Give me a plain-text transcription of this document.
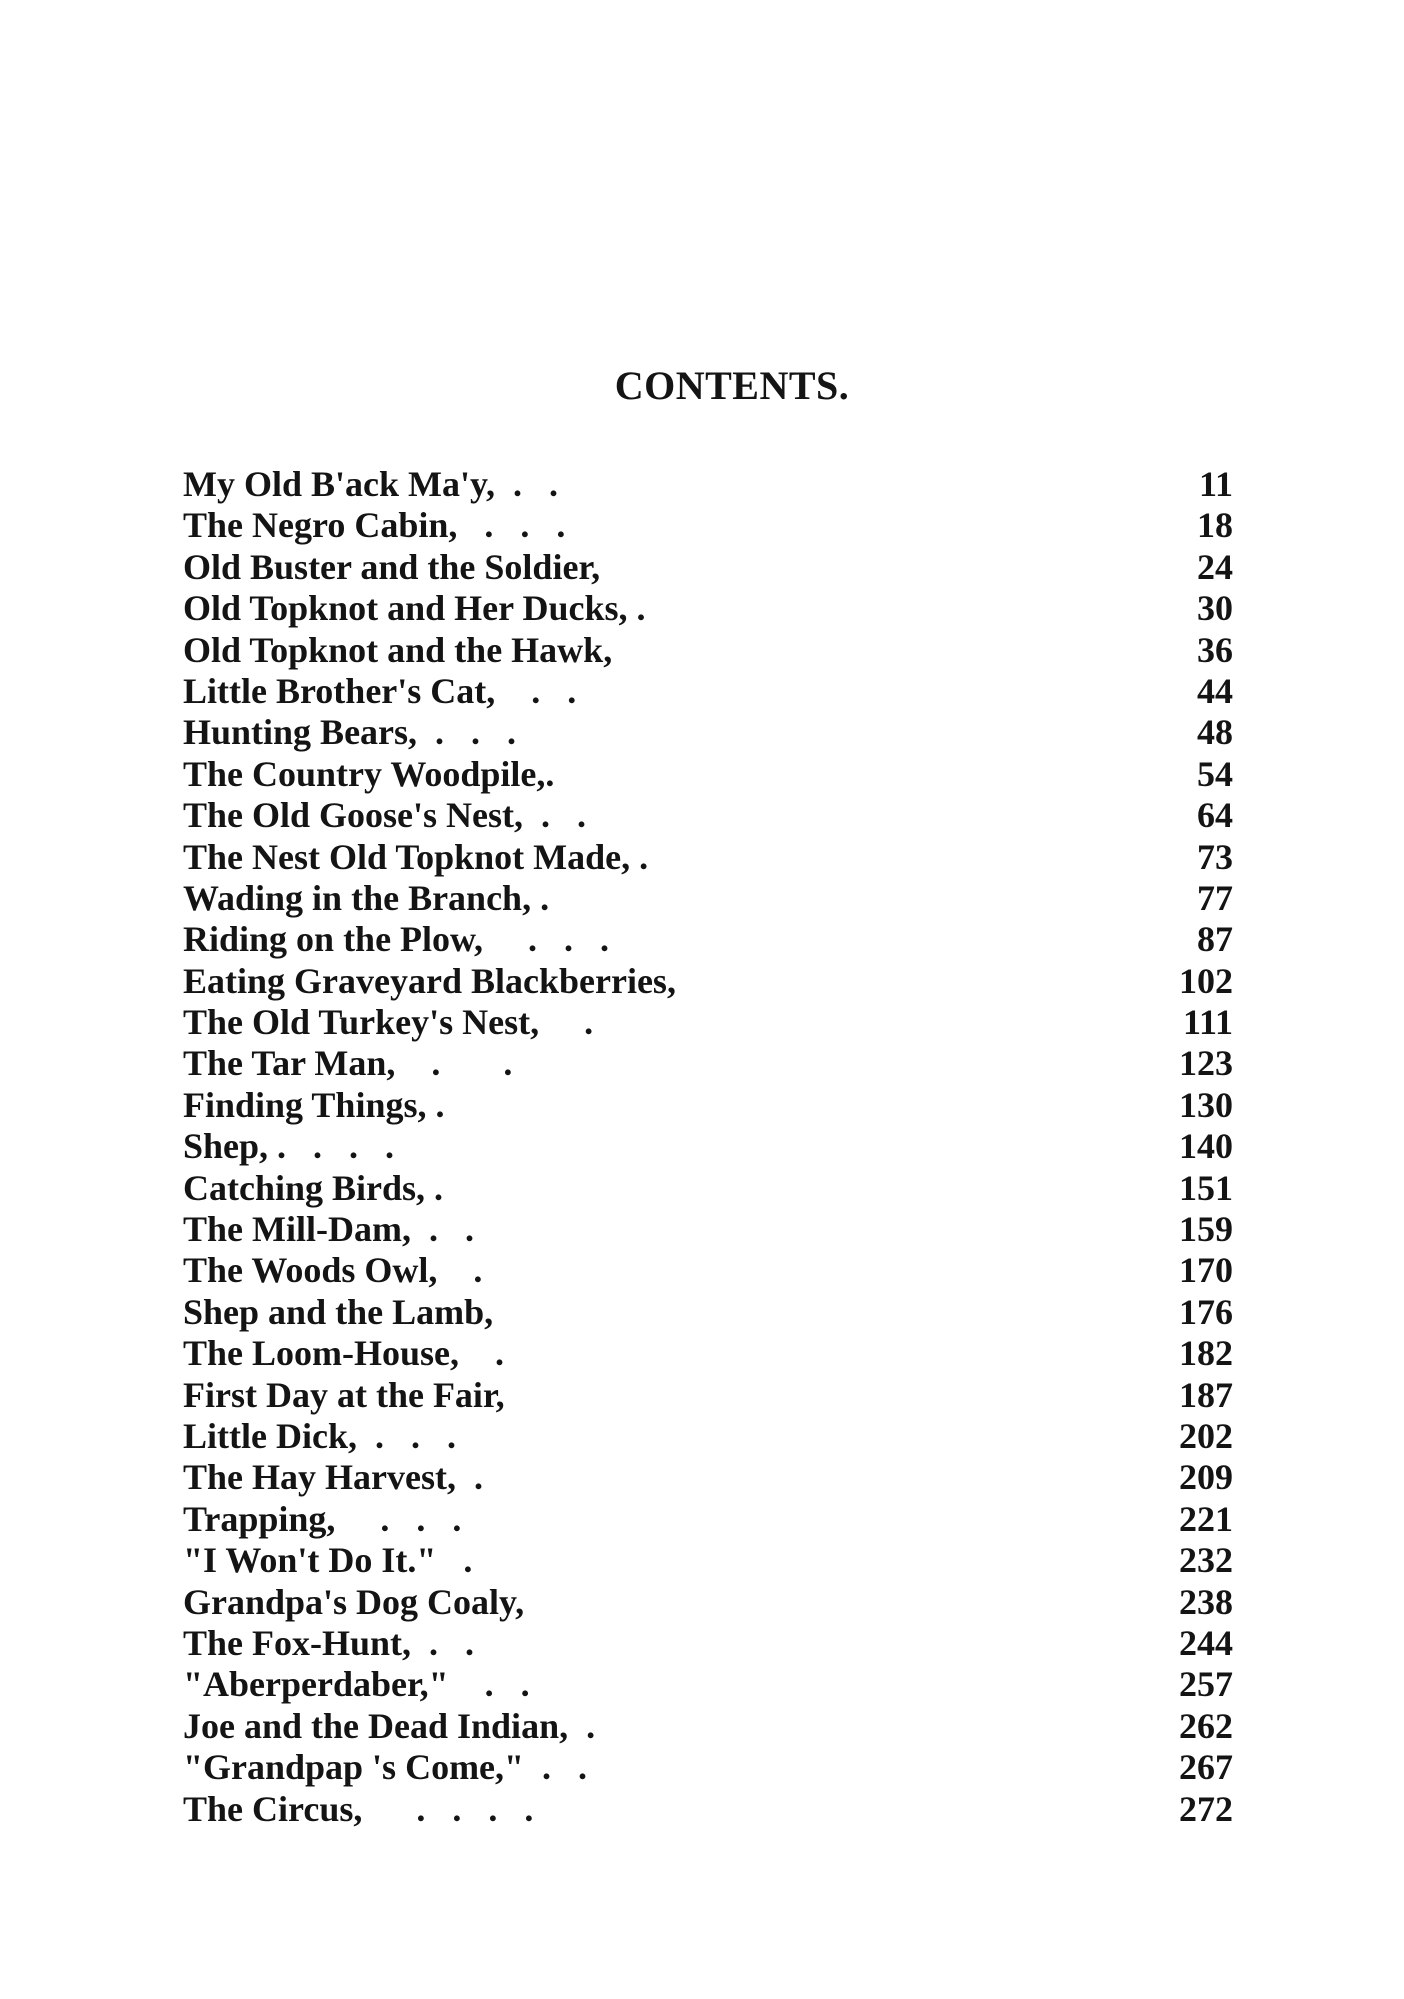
CONTENTS.
My Old B'ack Ma'y,  .   .	11
The Negro Cabin,   .   .   .	18
Old Buster and the Soldier,	24
Old Topknot and Her Ducks, .	30
Old Topknot and the Hawk,	36
Little Brother's Cat,    .   .	44
Hunting Bears,  .   .   .	48
The Country Woodpile,.	54
The Old Goose's Nest,  .   .	64
The Nest Old Topknot Made, .	73
Wading in the Branch, .	77
Riding on the Plow,     .   .   .	87
Eating Graveyard Blackberries,	102
The Old Turkey's Nest,     .	111
The Tar Man,    .       .	123
Finding Things, .	130
Shep, .   .   .   .	140
Catching Birds, .	151
The Mill-Dam,  .   .	159
The Woods Owl,    .	170
Shep and the Lamb,	176
The Loom-House,    .	182
First Day at the Fair,	187
Little Dick,  .   .   .	202
The Hay Harvest,  .	209
Trapping,     .   .   .	221
"I Won't Do It."   .	232
Grandpa's Dog Coaly,	238
The Fox-Hunt,  .   .	244
"Aberperdaber,"    .   .	257
Joe and the Dead Indian,  .	262
"Grandpap 's Come,"  .   .	267
The Circus,      .   .   .   .	272
